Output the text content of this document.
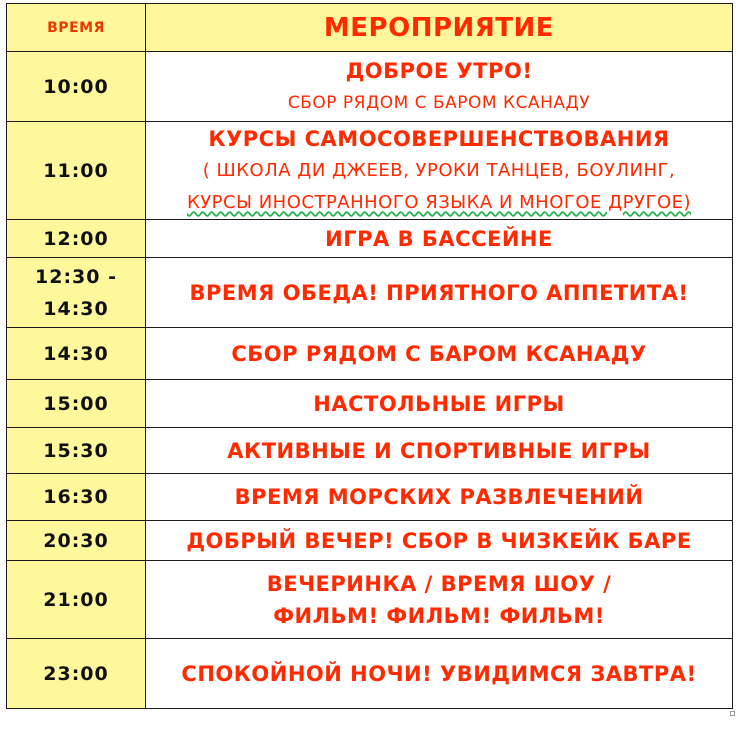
ВРЕМЯ	МЕРОПРИЯТИЕ
10:00	ДОБРОЕ УТРО!
СБОР РЯДОМ С БАРОМ КСАНАДУ

11:00	КУРСЫ САМОСОВЕРШЕНСТВОВАНИЯ
( ШКОЛА ДИ ДЖЕЕВ, УРОКИ ТАНЦЕВ, БОУЛИНГ,
КУРСЫ ИНОСТРАННОГО ЯЗЫКА И МНОГОЕ ДРУГОЕ)

12:00	ИГРА В БАССЕЙНЕ

12:30 -
14:30	ВРЕМЯ ОБЕДА! ПРИЯТНОГО АППЕТИТА!
14:30	СБОР РЯДОМ С БАРОМ КСАНАДУ
15:00	НАСТОЛЬНЫЕ ИГРЫ
15:30	АКТИВНЫЕ И СПОРТИВНЫЕ ИГРЫ
16:30	ВРЕМЯ МОРСКИХ РАЗВЛЕЧЕНИЙ
20:30	ДОБРЫЙ ВЕЧЕР! СБОР В ЧИЗКЕЙК БАРЕ
21:00	ВЕЧЕРИНКА / ВРЕМЯ ШОУ /
ФИЛЬМ! ФИЛЬМ! ФИЛЬМ!

23:00	СПОКОЙНОЙ НОЧИ! УВИДИМСЯ ЗАВТРА!
